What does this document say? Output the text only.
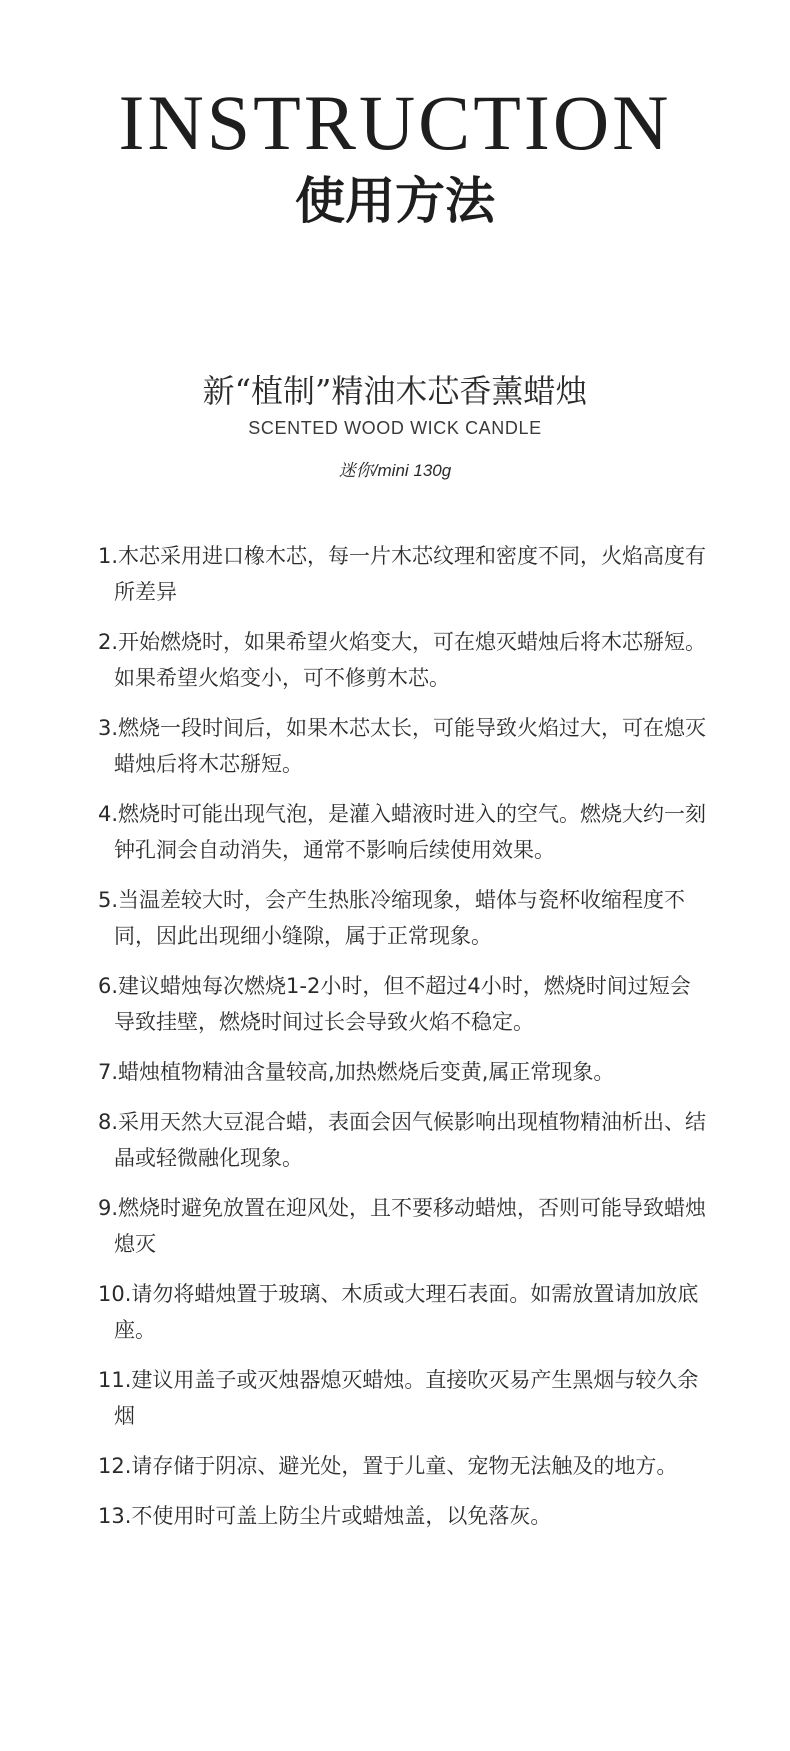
INSTRUCTION
使用方法
新“植制”精油木芯香薰蜡烛
SCENTED WOOD WICK CANDLE
迷你/mini 130g
1.木芯采用进口橡木芯，每一片木芯纹理和密度不同，火焰高度有所差异
2.开始燃烧时，如果希望火焰变大，可在熄灭蜡烛后将木芯掰短。如果希望火焰变小，可不修剪木芯。
3.燃烧一段时间后，如果木芯太长，可能导致火焰过大，可在熄灭蜡烛后将木芯掰短。
4.燃烧时可能出现气泡，是灌入蜡液时进入的空气。燃烧大约一刻钟孔洞会自动消失，通常不影响后续使用效果。
5.当温差较大时，会产生热胀冷缩现象，蜡体与瓷杯收缩程度不同，因此出现细小缝隙，属于正常现象。
6.建议蜡烛每次燃烧1-2小时，但不超过4小时，燃烧时间过短会导致挂壁，燃烧时间过长会导致火焰不稳定。
7.蜡烛植物精油含量较高,加热燃烧后变黄,属正常现象。
8.采用天然大豆混合蜡，表面会因气候影响出现植物精油析出、结晶或轻微融化现象。
9.燃烧时避免放置在迎风处，且不要移动蜡烛，否则可能导致蜡烛熄灭
10.请勿将蜡烛置于玻璃、木质或大理石表面。如需放置请加放底座。
11.建议用盖子或灭烛器熄灭蜡烛。直接吹灭易产生黑烟与较久余烟
12.请存储于阴凉、避光处，置于儿童、宠物无法触及的地方。
13.不使用时可盖上防尘片或蜡烛盖，以免落灰。
